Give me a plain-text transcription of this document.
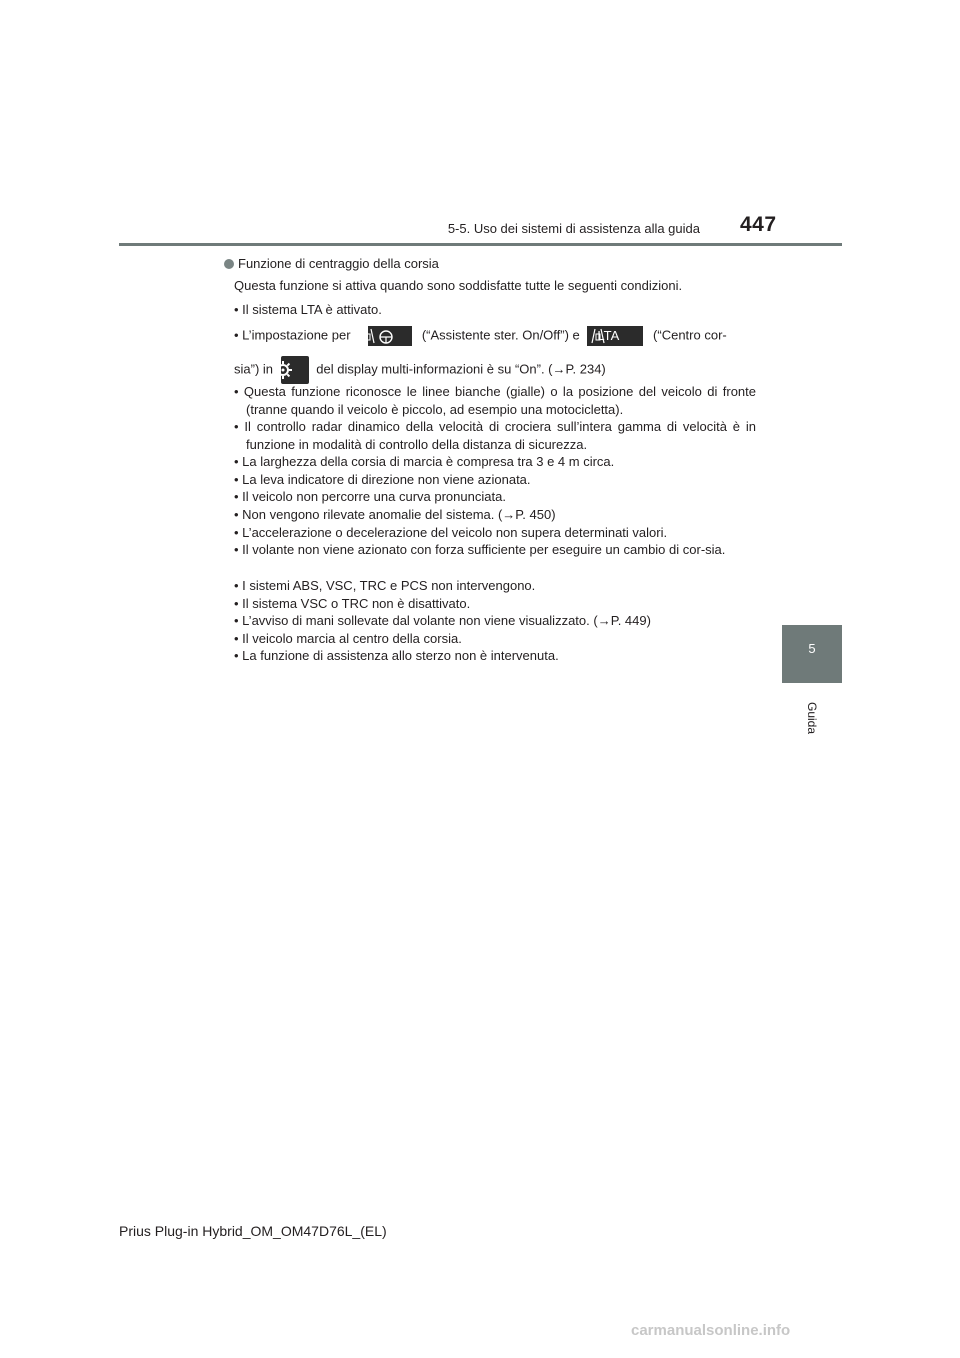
5-5. Uso dei sistemi di assistenza alla guida 447
5
Guida
Funzione di centraggio della corsia
Questa funzione si attiva quando sono soddisfatte tutte le seguenti condizioni.
• Il sistema LTA è attivato.
• L’impostazione per	(“Assistente ster. On/Off”) e LTA	(“Centro cor-
sia”) in	del display multi-informazioni è su “On”. (→P. 234)
• Questa funzione riconosce le linee bianche (gialle) o la posizione del veicolo di fronte (tranne quando il veicolo è piccolo, ad esempio una motocicletta).
• Il controllo radar dinamico della velocità di crociera sull’intera gamma di velocità è in funzione in modalità di controllo della distanza di sicurezza.
• La larghezza della corsia di marcia è compresa tra 3 e 4 m circa.
• La leva indicatore di direzione non viene azionata.
• Il veicolo non percorre una curva pronunciata.
• Non vengono rilevate anomalie del sistema. (→P. 450)
• L’accelerazione o decelerazione del veicolo non supera determinati valori.
• Il volante non viene azionato con forza sufficiente per eseguire un cambio di cor-sia.
• I sistemi ABS, VSC, TRC e PCS non intervengono.
• Il sistema VSC o TRC non è disattivato.
• L’avviso di mani sollevate dal volante non viene visualizzato. (→P. 449)
• Il veicolo marcia al centro della corsia.
• La funzione di assistenza allo sterzo non è intervenuta.
Prius Plug-in Hybrid_OM_OM47D76L_(EL)
carmanualsonline.info
